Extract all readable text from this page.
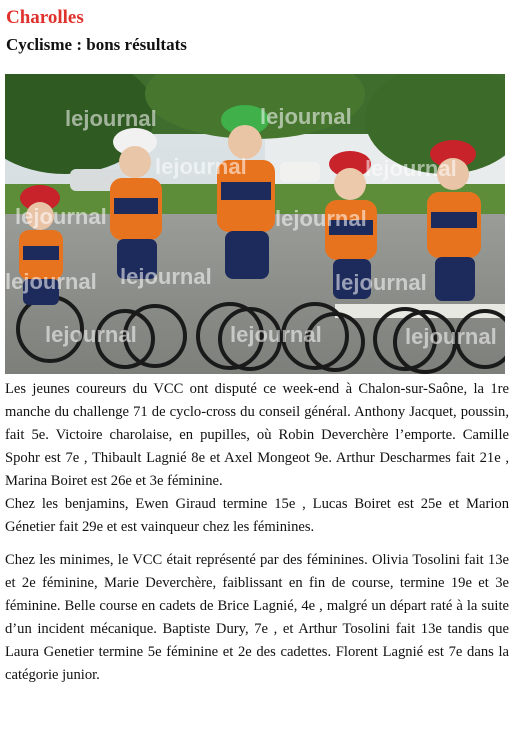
Charolles
Cyclisme : bons résultats
lejournal	lejournal
lejournal	lejournal
lejournal	lejournal
lejournal lejournal	lejournal
lejournal	lejournal	lejournal

Les jeunes coureurs du VCC ont disputé ce week-end à Chalon-sur-Saône, la 1re manche du challenge 71 de cyclo-cross du conseil général. Anthony Jacquet, poussin, fait 5e. Victoire charolaise, en pupilles, où Robin Deverchère l’emporte. Camille Spohr est 7e , Thibault Lagnié 8e et Axel Mongeot 9e. Arthur Descharmes fait 21e , Marina Boiret est 26e et 3e féminine.

Chez les benjamins, Ewen Giraud termine 15e , Lucas Boiret est 25e et Marion Génetier fait 29e et est vainqueur chez les féminines.

Chez les minimes, le VCC était représenté par des féminines. Olivia Tosolini fait 13e et 2e féminine, Marie Deverchère, faiblissant en fin de course, termine 19e et 3e féminine. Belle course en cadets de Brice Lagnié, 4e , malgré un départ raté à la suite d’un incident mécanique. Baptiste Dury, 7e , et Arthur Tosolini fait 13e tandis que Laura Genetier termine 5e féminine et 2e des cadettes. Florent Lagnié est 7e dans la catégorie junior.
